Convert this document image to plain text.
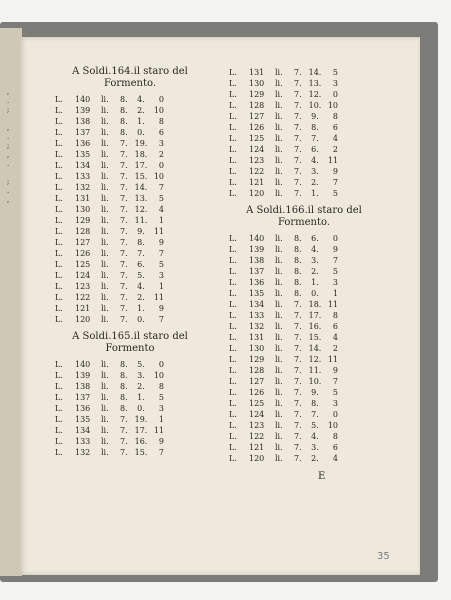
,
.
;

,
.
;
,
.

;
.
,

A Soldi.164.il staro del Formento.
L.	140	li.	8.	4.	0
L.	139	li.	8.	2.	10
L.	138	li.	8.	1.	8
L.	137	li.	8.	0.	6
L.	136	li.	7. 19.	3
L.	135	li.	7. 18.	2
L.	134	li.	7. 17.	0
L.	133	li.	7. 15. 10
L.	132	li.	7. 14.	7
L.	131	li.	7. 13.	5
L.	130	li.	7. 12.	4
L.	129	li.	7. 11.	1
L.	128	li.	7.	9.	11
L.	127	li.	7.	8.	9
L.	126	li.	7.	7.	7
L.	125	li.	7.	6.	5
L.	124	li.	7.	5.	3
L.	123	li.	7.	4.	1
L.	122	li.	7.	2.	11
L.	121	li.	7.	1.	9
L.	120	li.	7.	0.	7
A Soldi.165.il staro del Formento
L.	140	li.	8.	5.	0
L.	139	li.	8.	3.	10
L.	138	li.	8.	2.	8
L.	137	li.	8.	1.	5
L.	136	li.	8.	0.	3
L.	135	li.	7. 19.	1
L.	134	li.	7. 17. 11
L.	133	li.	7. 16.	9
L.	132	li.	7. 15.	7
L.	131	li.	7. 14.	5
L.	130	li.	7. 13.	3
L.	129	li.	7. 12.	0
L.	128	li.	7. 10. 10
L.	127	li.	7.	9.	8
L.	126	li.	7.	8.	6
L.	125	li.	7.	7.	4
L.	124	li.	7.	6.	2
L.	123	li.	7.	4.	11
L.	122	li.	7.	3.	9
L.	121	li.	7.	2.	7
L.	120	li.	7.	1.	5
A Soldi.166.il staro del Formento.
L.	140	li.	8.	6.	0
L.	139	li.	8.	4.	9
L.	138	li.	8.	3.	7
L.	137	li.	8.	2.	5
L.	136	li.	8.	1.	3
L.	135	li.	8.	0.	1
L.	134	li.	7. 18. 11
L.	133	li.	7. 17.	8
L.	132	li.	7. 16.	6
L.	131	li.	7. 15.	4
L.	130	li.	7. 14.	2
L.	129	li.	7. 12. 11
L.	128	li.	7. 11.	9
L.	127	li.	7. 10.	7
L.	126	li.	7.	9.	5
L.	125	li.	7.	8.	3
L.	124	li.	7.	7.	0
L.	123	li.	7.	5.	10
L.	122	li.	7.	4.	8
L.	121	li.	7.	3.	6
L.	120	li.	7.	2.	4
E
35
